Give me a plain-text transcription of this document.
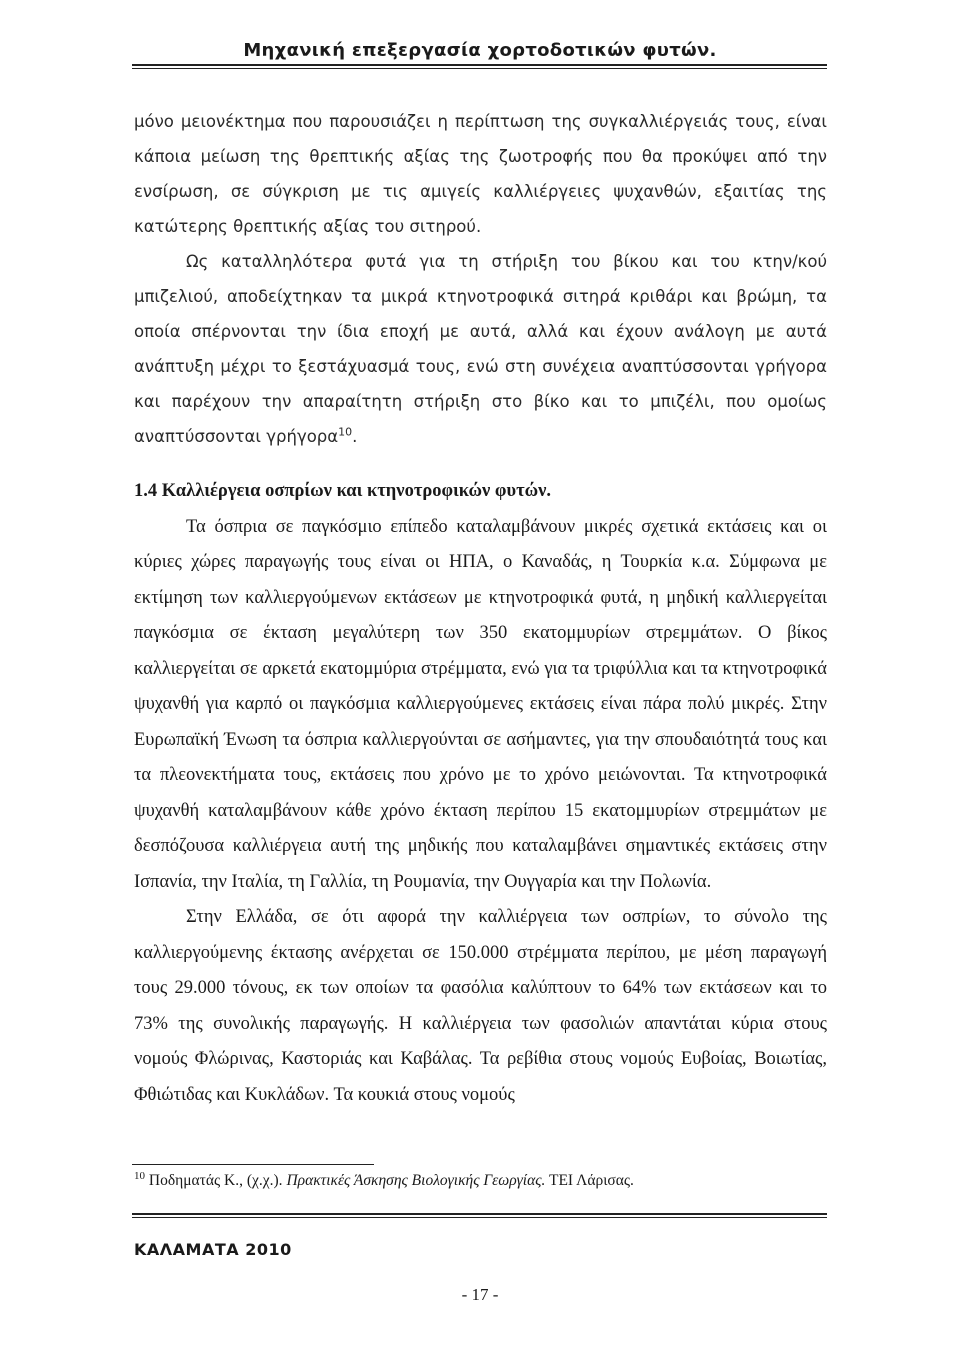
Μηχανική επεξεργασία χορτοδοτικών φυτών.

μόνο μειονέκτημα που παρουσιάζει η περίπτωση της συγκαλλιέργειάς τους, είναι κάποια μείωση της θρεπτικής αξίας της ζωοτροφής που θα προκύψει από την ενσίρωση, σε σύγκριση με τις αμιγείς καλλιέργειες ψυχανθών, εξαιτίας της κατώτερης θρεπτικής αξίας του σιτηρού.

Ως καταλληλότερα φυτά για τη στήριξη του βίκου και του κτην/κού μπιζελιού, αποδείχτηκαν τα μικρά κτηνοτροφικά σιτηρά κριθάρι και βρώμη, τα οποία σπέρνονται την ίδια εποχή με αυτά, αλλά και έχουν ανάλογη με αυτά ανάπτυξη μέχρι το ξεστάχυασμά τους, ενώ στη συνέχεια αναπτύσσονται γρήγορα και παρέχουν την απαραίτητη στήριξη στο βίκο και το μπιζέλι, που ομοίως αναπτύσσονται γρήγορα$^{10}$.

1.4 Καλλιέργεια οσπρίων και κτηνοτροφικών φυτών.

Τα όσπρια σε παγκόσμιο επίπεδο καταλαμβάνουν μικρές σχετικά εκτάσεις και οι κύριες χώρες παραγωγής τους είναι οι ΗΠΑ, ο Καναδάς, η Τουρκία κ.α. Σύμφωνα με εκτίμηση των καλλιεργούμενων εκτάσεων με κτηνοτροφικά φυτά, η μηδική καλλιεργείται παγκόσμια σε έκταση μεγαλύτερη των 350 εκατομμυρίων στρεμμάτων. Ο βίκος καλλιεργείται σε αρκετά εκατομμύρια στρέμματα, ενώ για τα τριφύλλια και τα κτηνοτροφικά ψυχανθή για καρπό οι παγκόσμια καλλιεργούμενες εκτάσεις είναι πάρα πολύ μικρές. Στην Ευρωπαϊκή Ένωση τα όσπρια καλλιεργούνται σε ασήμαντες, για την σπουδαιότητά τους και τα πλεονεκτήματα τους, εκτάσεις που χρόνο με το χρόνο μειώνονται. Τα κτηνοτροφικά ψυχανθή καταλαμβάνουν κάθε χρόνο έκταση περίπου 15 εκατομμυρίων στρεμμάτων με δεσπόζουσα καλλιέργεια αυτή της μηδικής που καταλαμβάνει σημαντικές εκτάσεις στην Ισπανία, την Ιταλία, τη Γαλλία, τη Ρουμανία, την Ουγγαρία και την Πολωνία.

Στην Ελλάδα, σε ότι αφορά την καλλιέργεια των οσπρίων, το σύνολο της καλλιεργούμενης έκτασης ανέρχεται σε 150.000 στρέμματα περίπου, με μέση παραγωγή τους 29.000 τόνους, εκ των οποίων τα φασόλια καλύπτουν το 64% των εκτάσεων και το 73% της συνολικής παραγωγής. Η καλλιέργεια των φασολιών απαντάται κύρια στους νομούς Φλώρινας, Καστοριάς και Καβάλας. Τα ρεβίθια στους νομούς Ευβοίας, Βοιωτίας, Φθιώτιδας και Κυκλάδων. Τα κουκιά στους νομούς

$^{10}$ Ποδηματάς Κ., (χ.χ.). Πρακτικές Άσκησης Βιολογικής Γεωργίας. ΤΕΙ Λάρισας.
ΚΑΛΑΜΑΤΑ 2010
- 17 -
